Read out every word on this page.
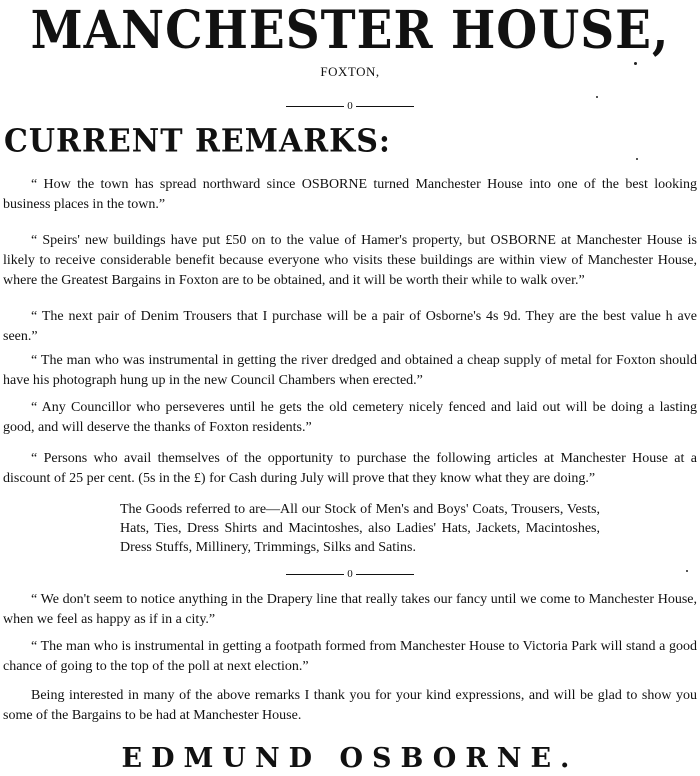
MANCHESTER HOUSE,
FOXTON,
0
CURRENT REMARKS:
“ How the town has spread northward since OSBORNE turned Manchester House into one of the best looking business places in the town.”
“ Speirs' new buildings have put £50 on to the value of Hamer's property, but OSBORNE at Manchester House is likely to receive considerable benefit because everyone who visits these buildings are within view of Manchester House, where the Greatest Bargains in Foxton are to be obtained, and it will be worth their while to walk over.”
“ The next pair of Denim Trousers that I purchase will be a pair of Osborne's 4s 9d. They are the best value h ave seen.”
“ The man who was instrumental in getting the river dredged and obtained a cheap supply of metal for Foxton should have his photograph hung up in the new Council Chambers when erected.”
“ Any Councillor who perseveres until he gets the old cemetery nicely fenced and laid out will be doing a lasting good, and will deserve the thanks of Foxton residents.”
“ Persons who avail themselves of the opportunity to purchase the following articles at Manchester House at a discount of 25 per cent. (5s in the £) for Cash during July will prove that they know what they are doing.”
The Goods referred to are—All our Stock of Men's and Boys' Coats, Trousers, Vests, Hats, Ties, Dress Shirts and Macintoshes, also Ladies' Hats, Jackets, Macintoshes, Dress Stuffs, Millinery, Trimmings, Silks and Satins.
0
“ We don't seem to notice anything in the Drapery line that really takes our fancy until we come to Manchester House, when we feel as happy as if in a city.”
“ The man who is instrumental in getting a footpath formed from Manchester House to Victoria Park will stand a good chance of going to the top of the poll at next election.”
Being interested in many of the above remarks I thank you for your kind expressions, and will be glad to show you some of the Bargains to be had at Manchester House.
EDMUND OSBORNE.
